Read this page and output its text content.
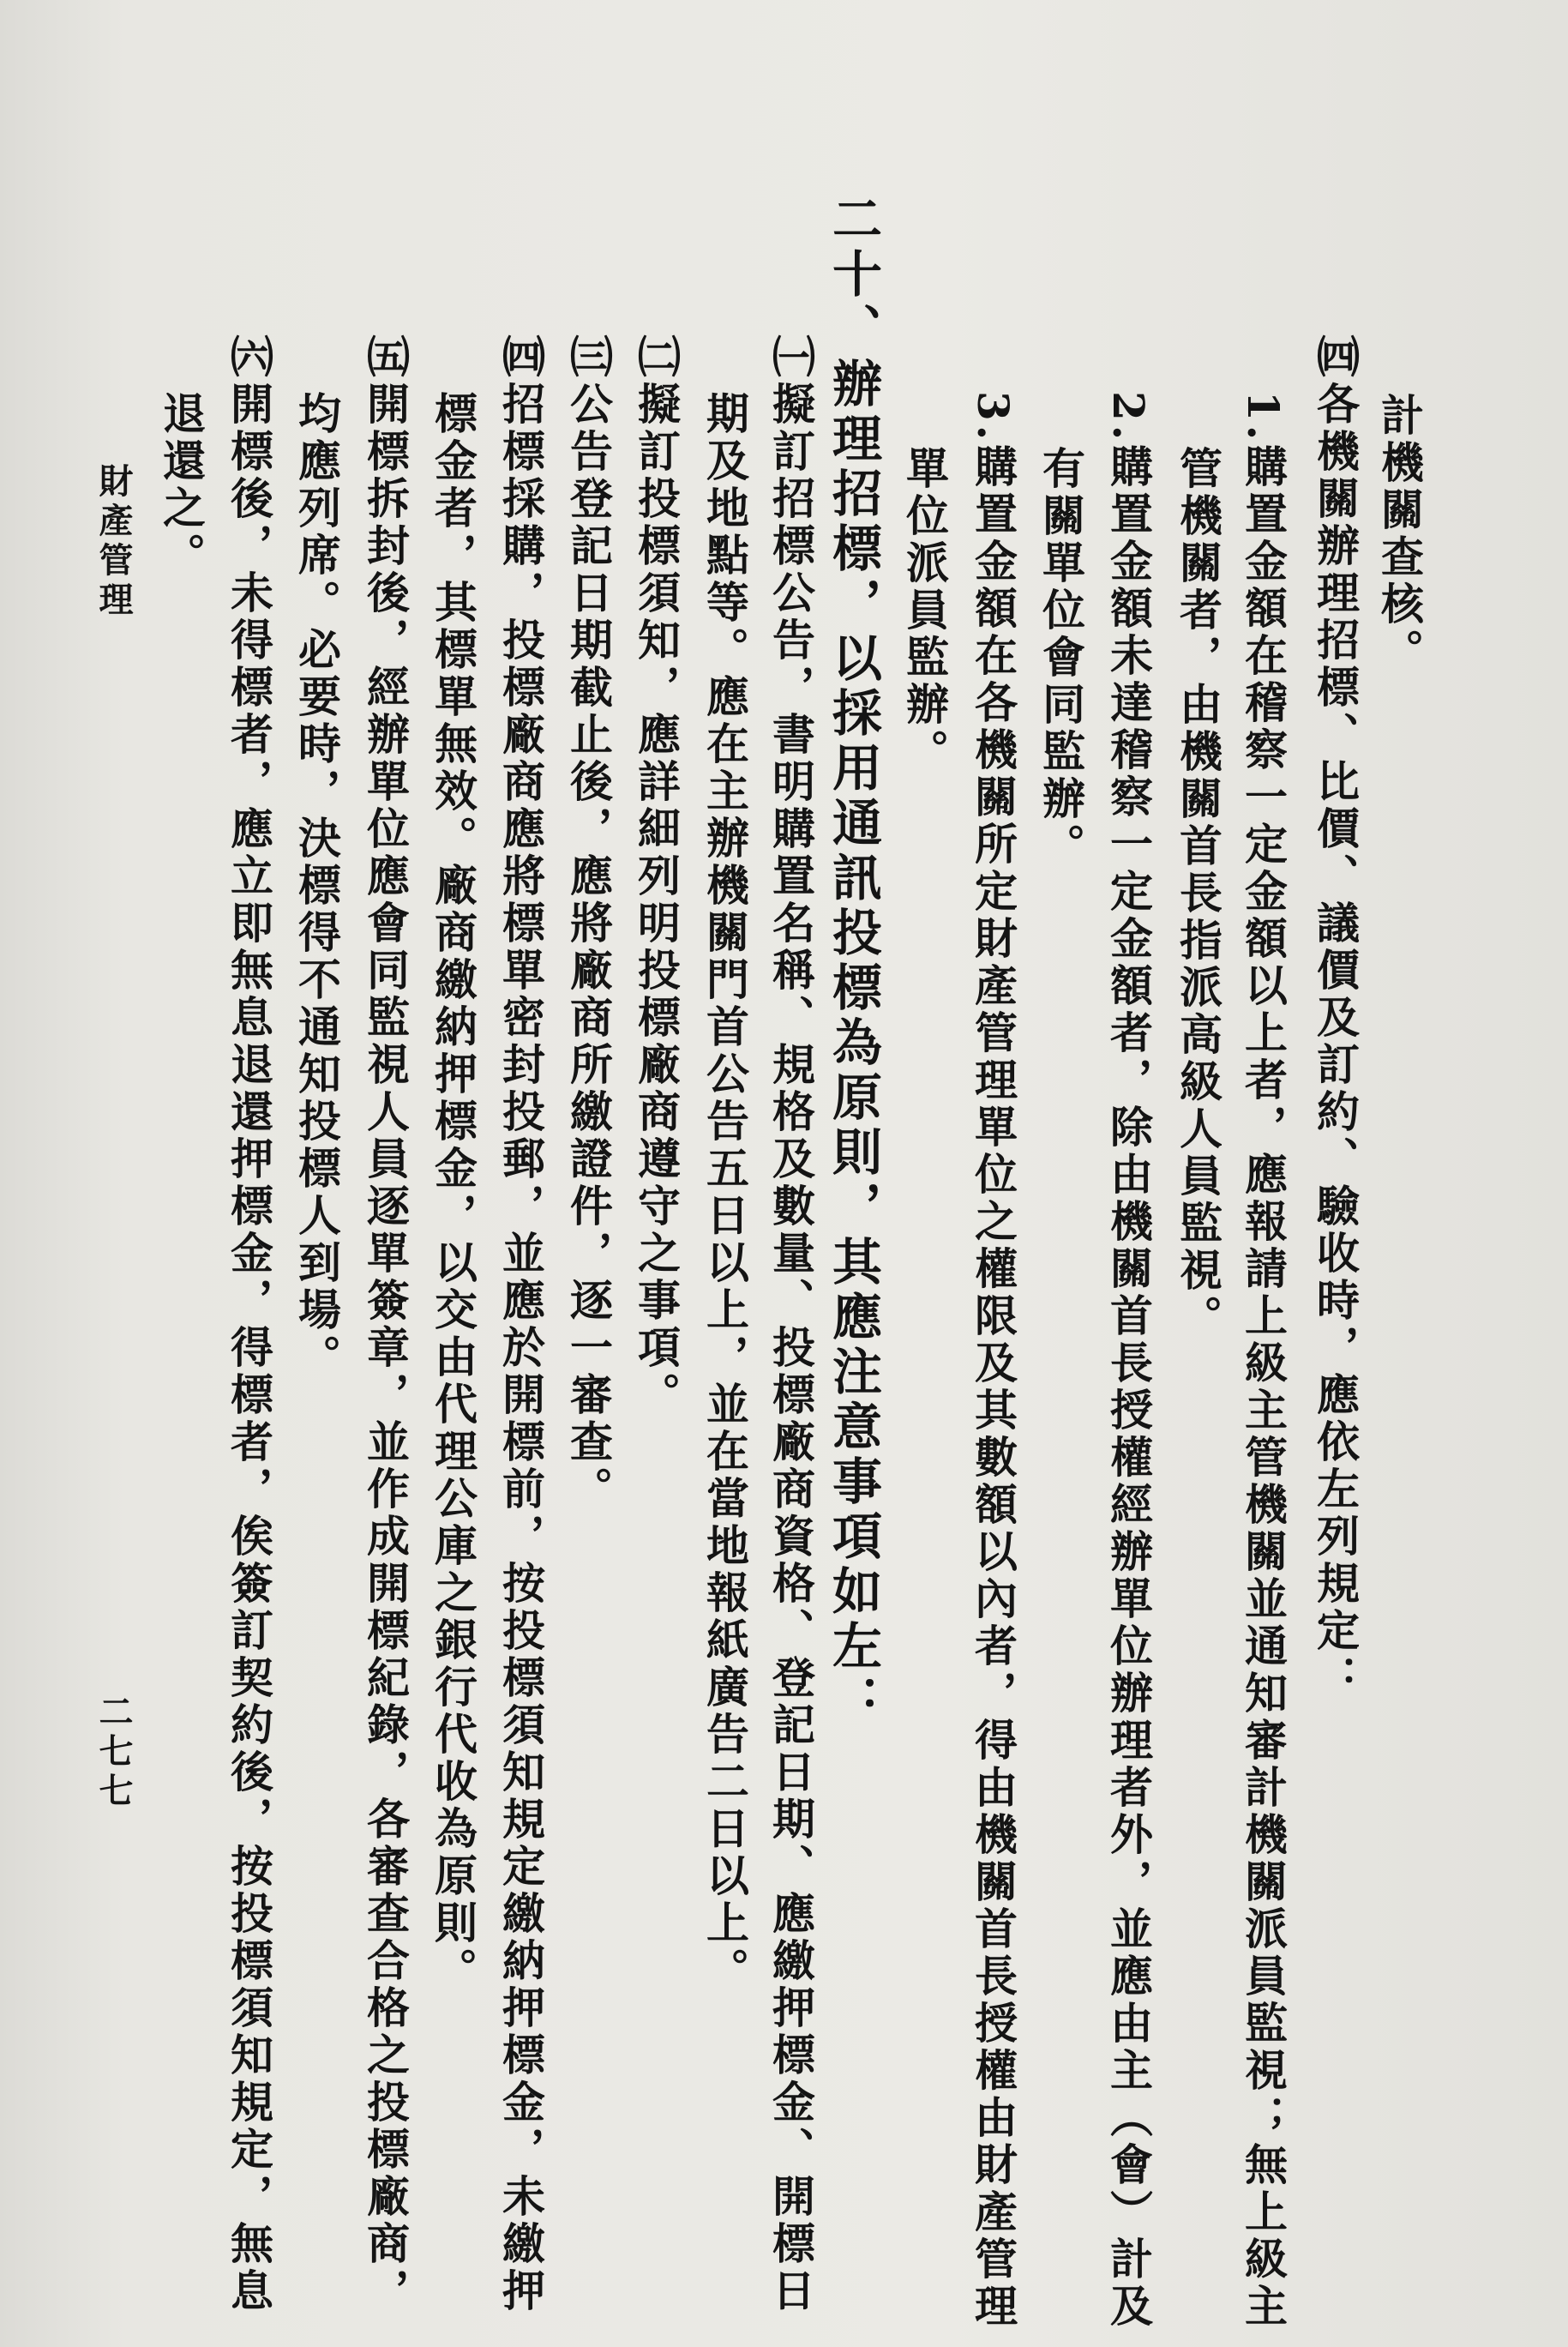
計機關查核。
㈣各機關辦理招標、比價、議價及訂約、驗收時，應依左列規定：
1.購置金額在稽察一定金額以上者，應報請上級主管機關並通知審計機關派員監視；無上級主
管機關者，由機關首長指派高級人員監視。
2.購置金額未達稽察一定金額者，除由機關首長授權經辦單位辦理者外，並應由主（會）計及
有關單位會同監辦。
3.購置金額在各機關所定財產管理單位之權限及其數額以內者，得由機關首長授權由財產管理
單位派員監辦。
二十、辦理招標，以採用通訊投標為原則，其應注意事項如左：
㈠擬訂招標公告，書明購置名稱、規格及數量、投標廠商資格、登記日期、應繳押標金、開標日
期及地點等。應在主辦機關門首公告五日以上，並在當地報紙廣告二日以上。
㈡擬訂投標須知，應詳細列明投標廠商遵守之事項。
㈢公告登記日期截止後，應將廠商所繳證件，逐一審查。
㈣招標採購，投標廠商應將標單密封投郵，並應於開標前，按投標須知規定繳納押標金，未繳押
標金者，其標單無效。廠商繳納押標金，以交由代理公庫之銀行代收為原則。
㈤開標拆封後，經辦單位應會同監視人員逐單簽章，並作成開標紀錄，各審查合格之投標廠商，
均應列席。必要時，決標得不通知投標人到場。
㈥開標後，未得標者，應立即無息退還押標金，得標者，俟簽訂契約後，按投標須知規定，無息
退還之。
財產管理
二七七
